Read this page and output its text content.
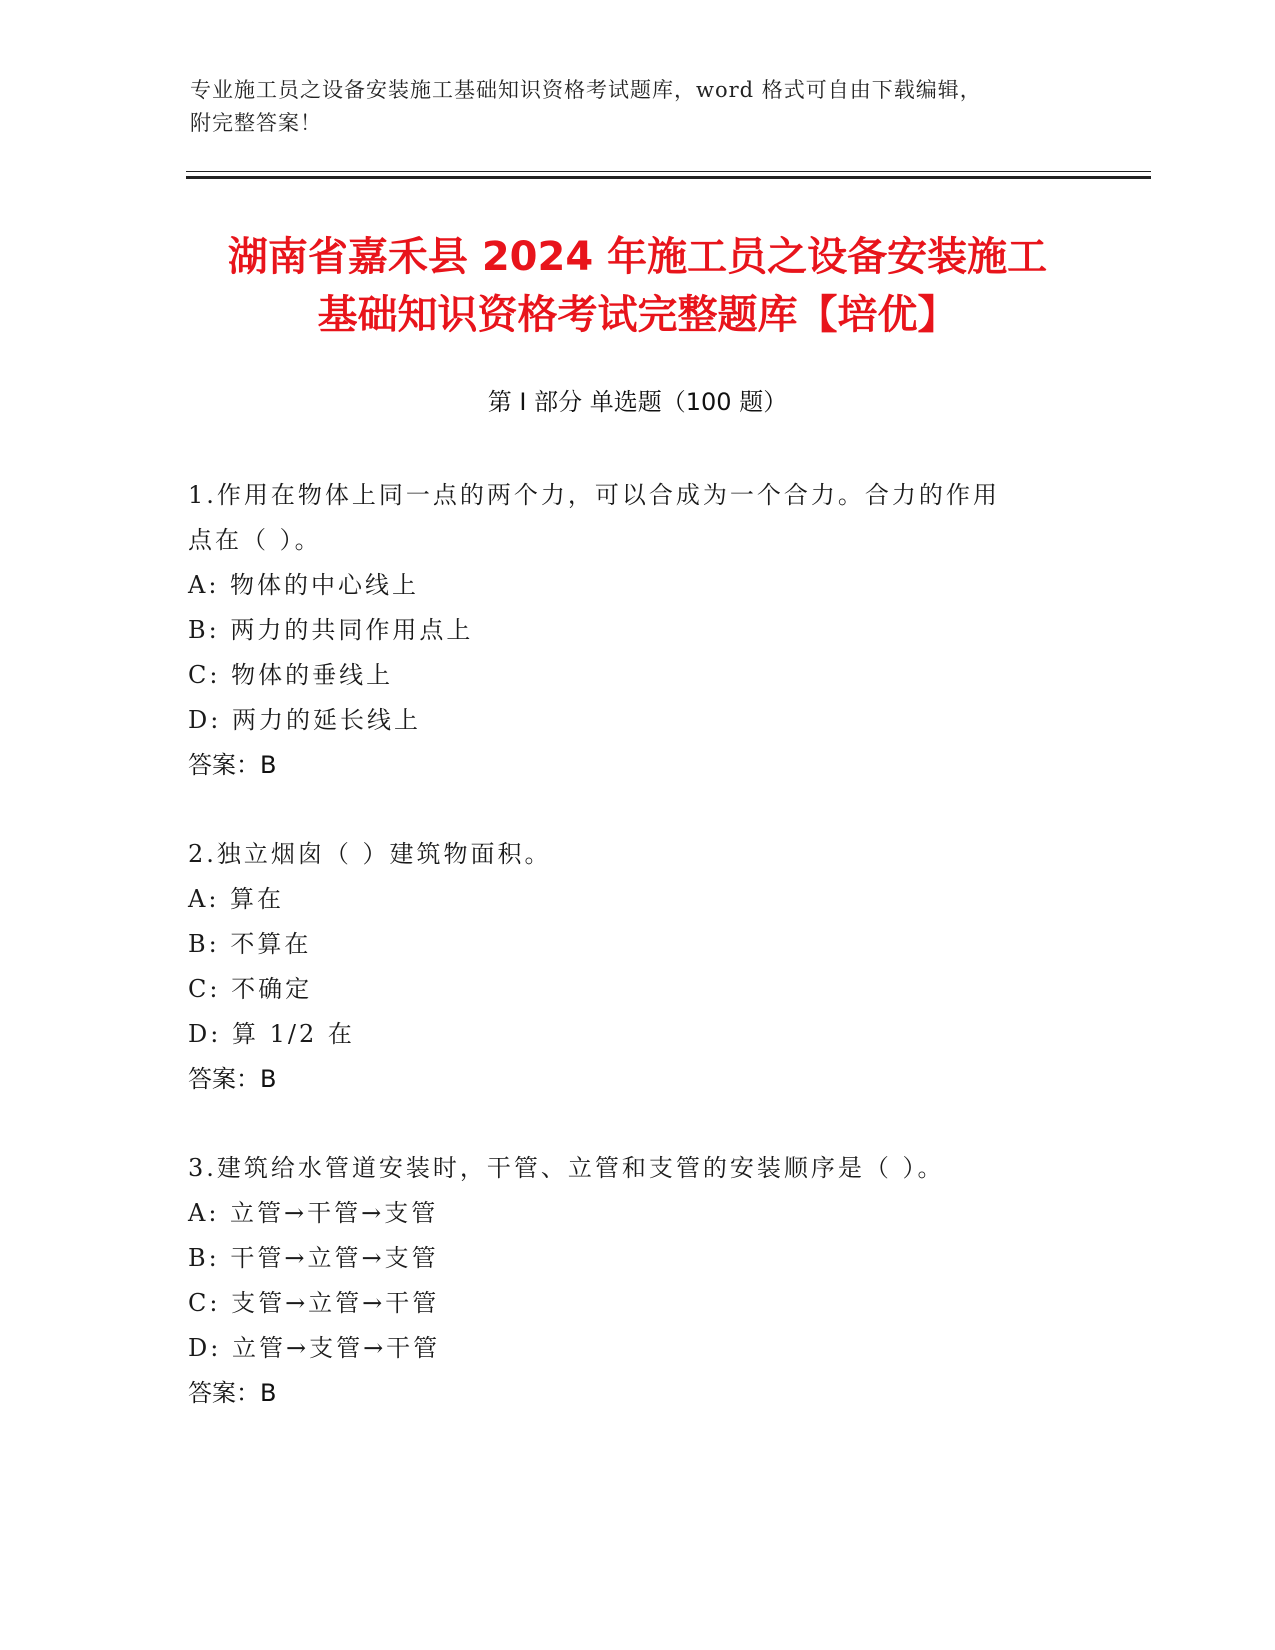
专业施工员之设备安装施工基础知识资格考试题库，word 格式可自由下载编辑，
附完整答案！
湖南省嘉禾县 2024 年施工员之设备安装施工
基础知识资格考试完整题库【培优】
第 I 部分 单选题（100 题）

1.作用在物体上同一点的两个力，可以合成为一个合力。合力的作用

点在（ ）。

A: 物体的中心线上

B: 两力的共同作用点上

C: 物体的垂线上

D: 两力的延长线上

答案：B

2.独立烟囱（ ）建筑物面积。

A: 算在

B: 不算在

C: 不确定

D: 算 1/2 在

答案：B

3.建筑给水管道安装时，干管、立管和支管的安装顺序是（ ）。

A: 立管→干管→支管

B: 干管→立管→支管

C: 支管→立管→干管

D: 立管→支管→干管

答案：B
